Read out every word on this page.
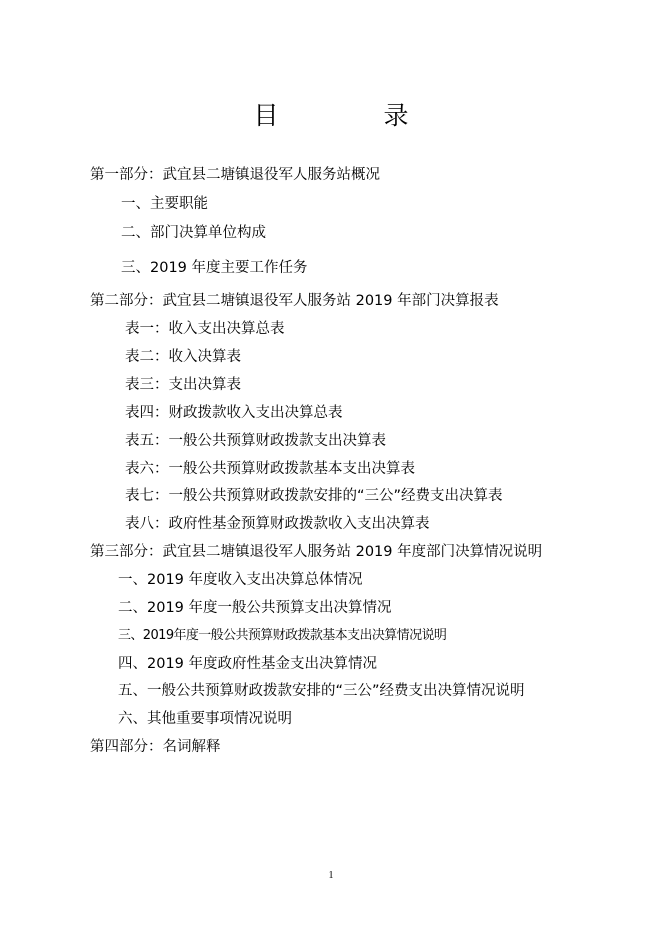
目　录
第一部分：武宜县二塘镇退役军人服务站概况
一、主要职能
二、部门决算单位构成
三、2019 年度主要工作任务
第二部分：武宜县二塘镇退役军人服务站 2019 年部门决算报表
表一：收入支出决算总表
表二：收入决算表
表三：支出决算表
表四：财政拨款收入支出决算总表
表五：一般公共预算财政拨款支出决算表
表六：一般公共预算财政拨款基本支出决算表
表七：一般公共预算财政拨款安排的“三公”经费支出决算表
表八：政府性基金预算财政拨款收入支出决算表
第三部分：武宜县二塘镇退役军人服务站 2019 年度部门决算情况说明
一、2019 年度收入支出决算总体情况
二、2019 年度一般公共预算支出决算情况
三、2019年度一般公共预算财政拨款基本支出决算情况说明
四、2019 年度政府性基金支出决算情况
五、一般公共预算财政拨款安排的“三公”经费支出决算情况说明
六、其他重要事项情况说明
第四部分：名词解释
1
